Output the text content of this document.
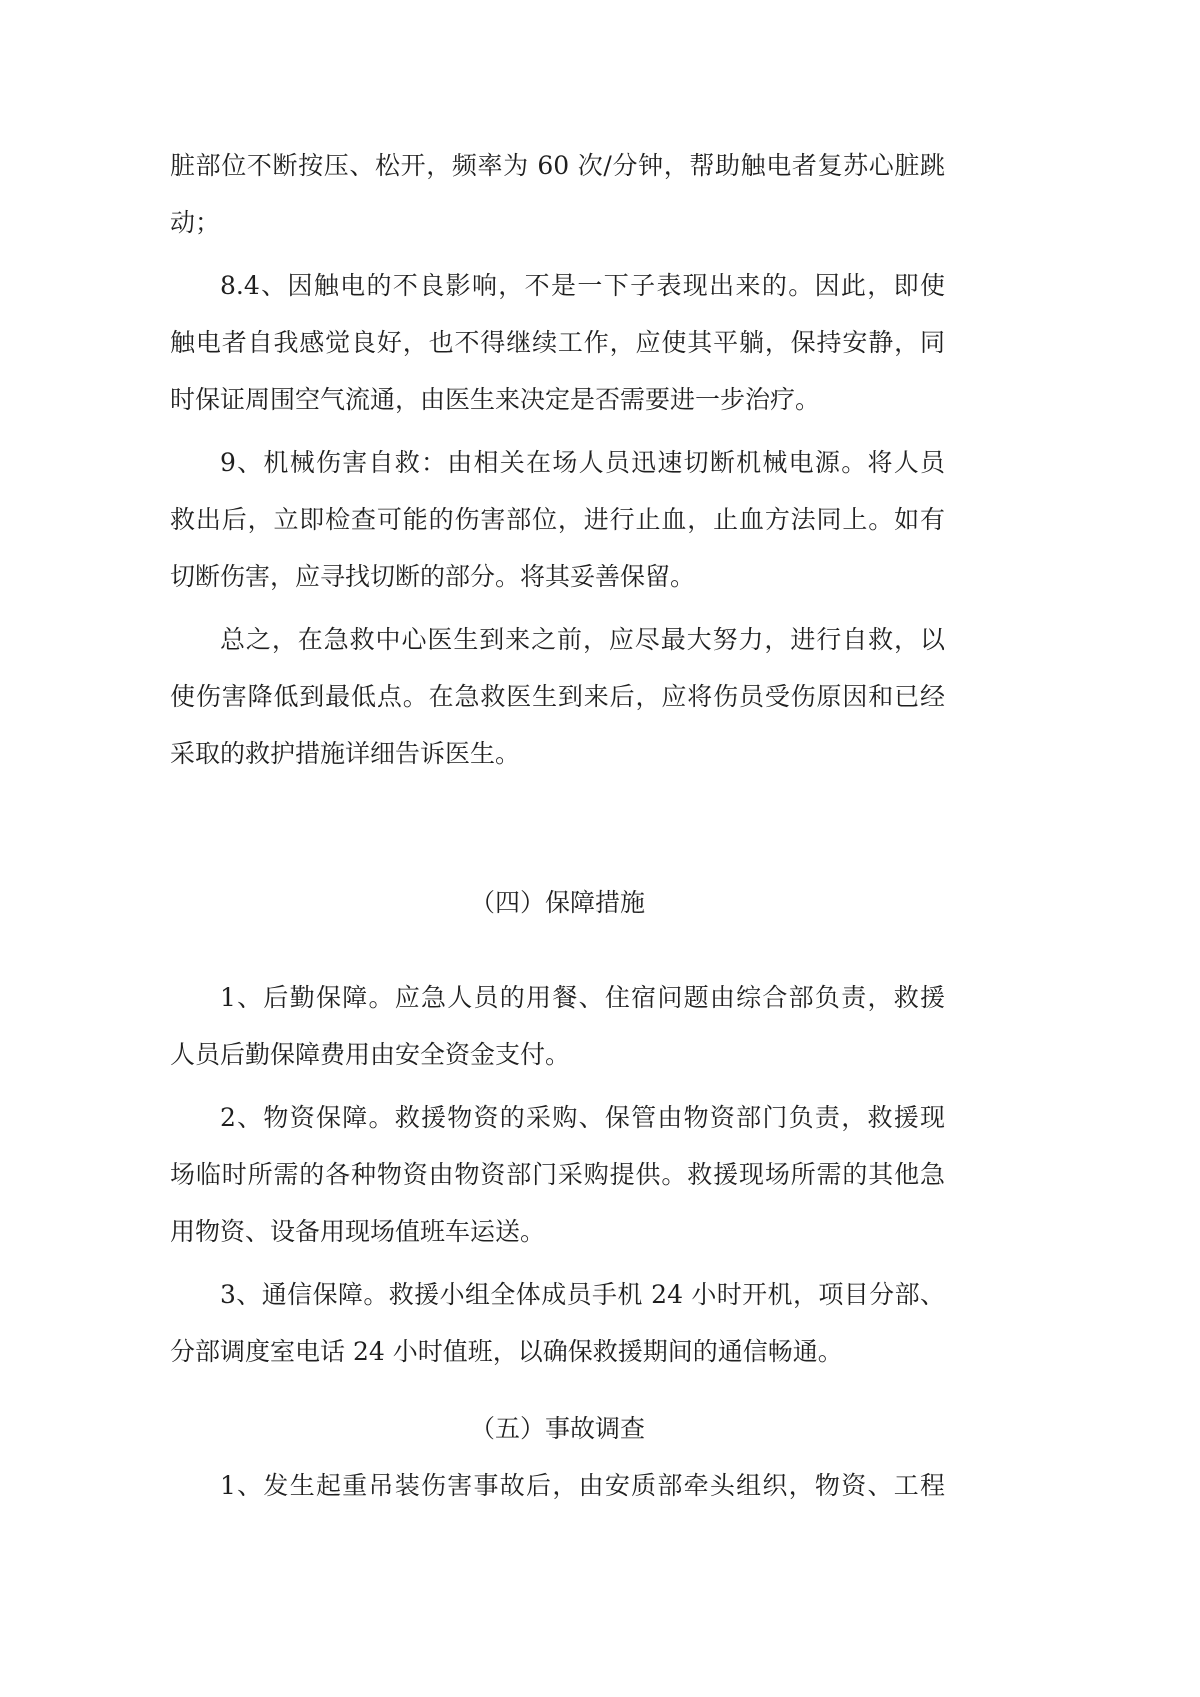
脏部位不断按压、松开，频率为 60 次/分钟，帮助触电者复苏心脏跳
动；
8.4、因触电的不良影响，不是一下子表现出来的。因此，即使
触电者自我感觉良好，也不得继续工作，应使其平躺，保持安静，同
时保证周围空气流通，由医生来决定是否需要进一步治疗。
9、机械伤害自救：由相关在场人员迅速切断机械电源。将人员
救出后，立即检查可能的伤害部位，进行止血，止血方法同上。如有
切断伤害，应寻找切断的部分。将其妥善保留。
总之，在急救中心医生到来之前，应尽最大努力，进行自救，以
使伤害降低到最低点。在急救医生到来后，应将伤员受伤原因和已经
采取的救护措施详细告诉医生。
（四）保障措施
1、后勤保障。应急人员的用餐、住宿问题由综合部负责，救援
人员后勤保障费用由安全资金支付。
2、物资保障。救援物资的采购、保管由物资部门负责，救援现
场临时所需的各种物资由物资部门采购提供。救援现场所需的其他急
用物资、设备用现场值班车运送。
3、通信保障。救援小组全体成员手机 24 小时开机，项目分部、
分部调度室电话 24 小时值班，以确保救援期间的通信畅通。
（五）事故调查
1、发生起重吊装伤害事故后，由安质部牵头组织，物资、工程
